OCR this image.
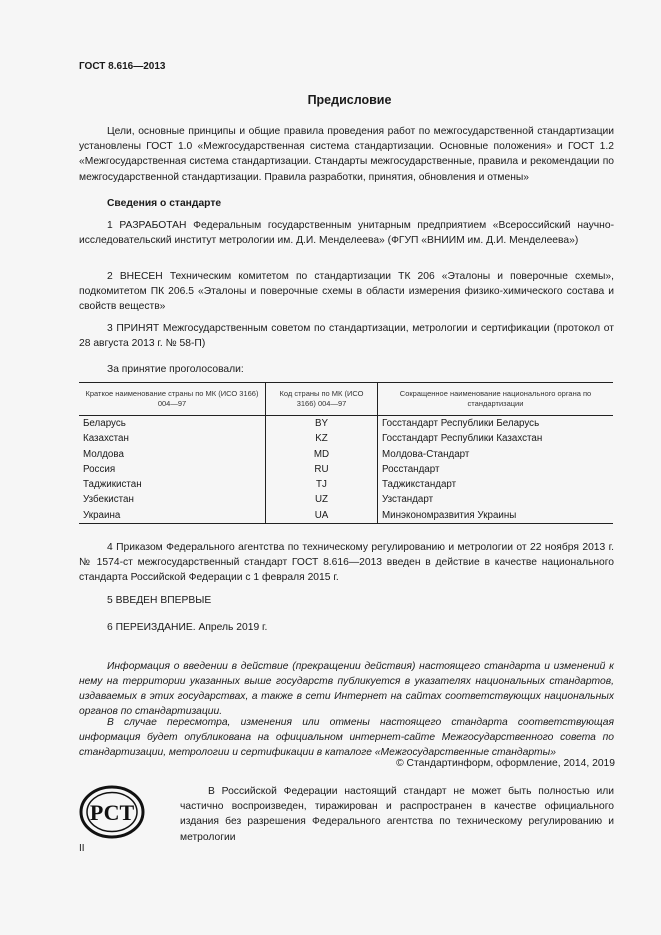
ГОСТ 8.616—2013
Предисловие
Цели, основные принципы и общие правила проведения работ по межгосударственной стандартизации установлены ГОСТ 1.0 «Межгосударственная система стандартизации. Основные положения» и ГОСТ 1.2 «Межгосударственная система стандартизации. Стандарты межгосударственные, правила и рекомендации по межгосударственной стандартизации. Правила разработки, принятия, обновления и отмены»
Сведения о стандарте
1 РАЗРАБОТАН Федеральным государственным унитарным предприятием «Всероссийский научно-исследовательский институт метрологии им. Д.И. Менделеева» (ФГУП «ВНИИМ им. Д.И. Менделеева»)
2 ВНЕСЕН Техническим комитетом по стандартизации ТК 206 «Эталоны и поверочные схемы», подкомитетом ПК 206.5 «Эталоны и поверочные схемы в области измерения физико-химического состава и свойств веществ»
3 ПРИНЯТ Межгосударственным советом по стандартизации, метрологии и сертификации (протокол от 28 августа 2013 г. № 58-П)
За принятие проголосовали:
Краткое наименование страны по МК (ИСО 3166) 004—97	Код страны по МК (ИСО 3166) 004—97	Сокращенное наименование национального органа по стандартизации
Беларусь	BY	Госстандарт Республики Беларусь
Казахстан	KZ	Госстандарт Республики Казахстан
Молдова	MD	Молдова-Стандарт
Россия	RU	Росстандарт
Таджикистан	TJ	Таджикстандарт
Узбекистан	UZ	Узстандарт
Украина	UA	Минэкономразвития Украины
4 Приказом Федерального агентства по техническому регулированию и метрологии от 22 ноября 2013 г. № 1574-ст межгосударственный стандарт ГОСТ 8.616—2013 введен в действие в качестве национального стандарта Российской Федерации с 1 февраля 2015 г.
5 ВВЕДЕН ВПЕРВЫЕ
6 ПЕРЕИЗДАНИЕ. Апрель 2019 г.
Информация о введении в действие (прекращении действия) настоящего стандарта и изменений к нему на территории указанных выше государств публикуется в указателях национальных стандартов, издаваемых в этих государствах, а также в сети Интернет на сайтах соответствующих национальных органов по стандартизации.
В случае пересмотра, изменения или отмены настоящего стандарта соответствующая информация будет опубликована на официальном интернет-сайте Межгосударственного совета по стандартизации, метрологии и сертификации в каталоге «Межгосударственные стандарты»
© Стандартинформ, оформление, 2014, 2019
РСТ
В Российской Федерации настоящий стандарт не может быть полностью или частично воспроизведен, тиражирован и распространен в качестве официального издания без разрешения Федерального агентства по техническому регулированию и метрологии
II
